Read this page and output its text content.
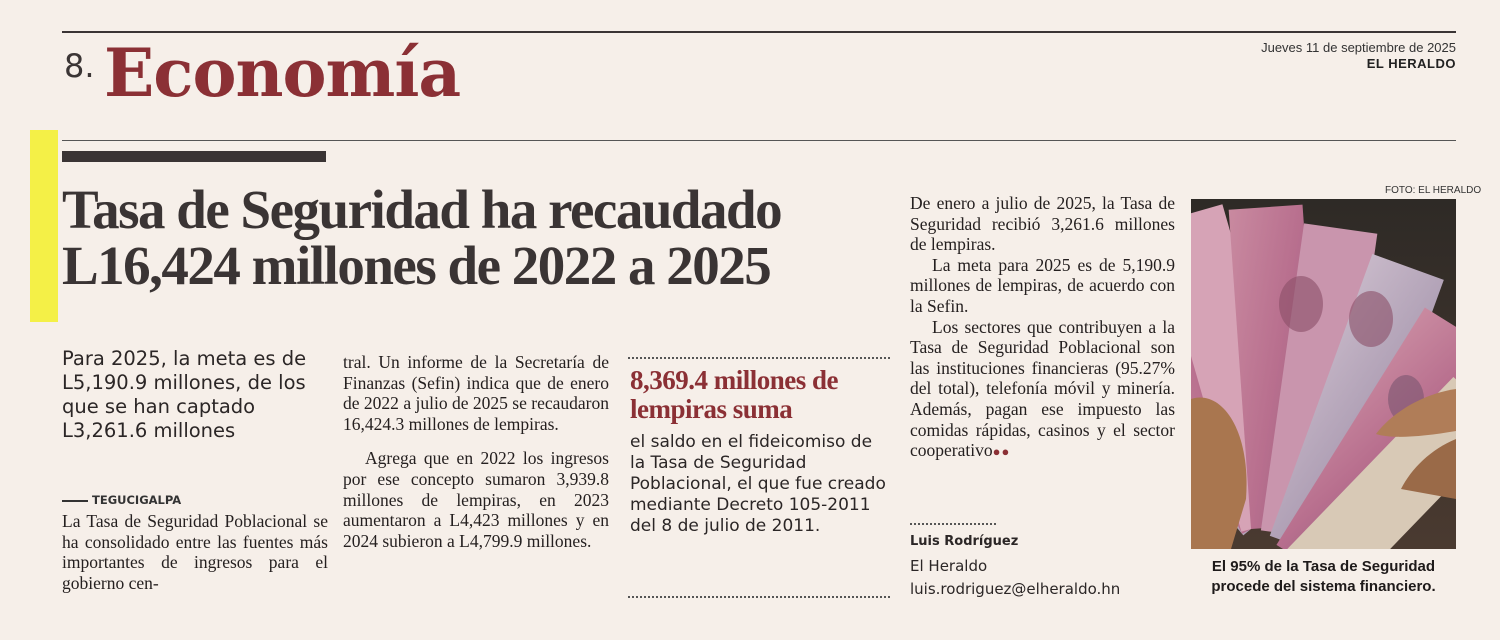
8. Economía	Jueves 11 de septiembre de 2025
EL HERALDO
Tasa de Seguridad ha recaudado
L16,424 millones de 2022 a 2025
Para 2025, la meta es de L5,190.9 millones, de los que se han captado L3,261.6 millones
TEGUCIGALPA

La Tasa de Seguridad Poblacional se ha consolidado entre las fuentes más importantes de ingresos para el gobierno cen-

tral. Un informe de la Secretaría de Finanzas (Sefin) indica que de enero de 2022 a julio de 2025 se recaudaron 16,424.3 millones de lempiras.

Agrega que en 2022 los ingresos por ese concepto sumaron 3,939.8 millones de lempiras, en 2023 aumentaron a L4,423 millones y en 2024 subieron a L4,799.9 millones.

8,369.4 millones de lempiras suma
el saldo en el fideicomiso de la Tasa de Seguridad Poblacional, el que fue creado mediante Decreto 105-2011 del 8 de julio de 2011.

De enero a julio de 2025, la Tasa de Seguridad recibió 3,261.6 millones de lempiras.

La meta para 2025 es de 5,190.9 millones de lempiras, de acuerdo con la Sefin.

Los sectores que contribuyen a la Tasa de Seguridad Poblacional son las instituciones financieras (95.27% del total), telefonía móvil y minería. Además, pagan ese impuesto las comidas rápidas, casinos y el sector cooperativo●●

Luis Rodríguez
El Heraldo
luis.rodriguez@elheraldo.hn
FOTO: EL HERALDO
El 95% de la Tasa de Seguridad procede del sistema financiero.
